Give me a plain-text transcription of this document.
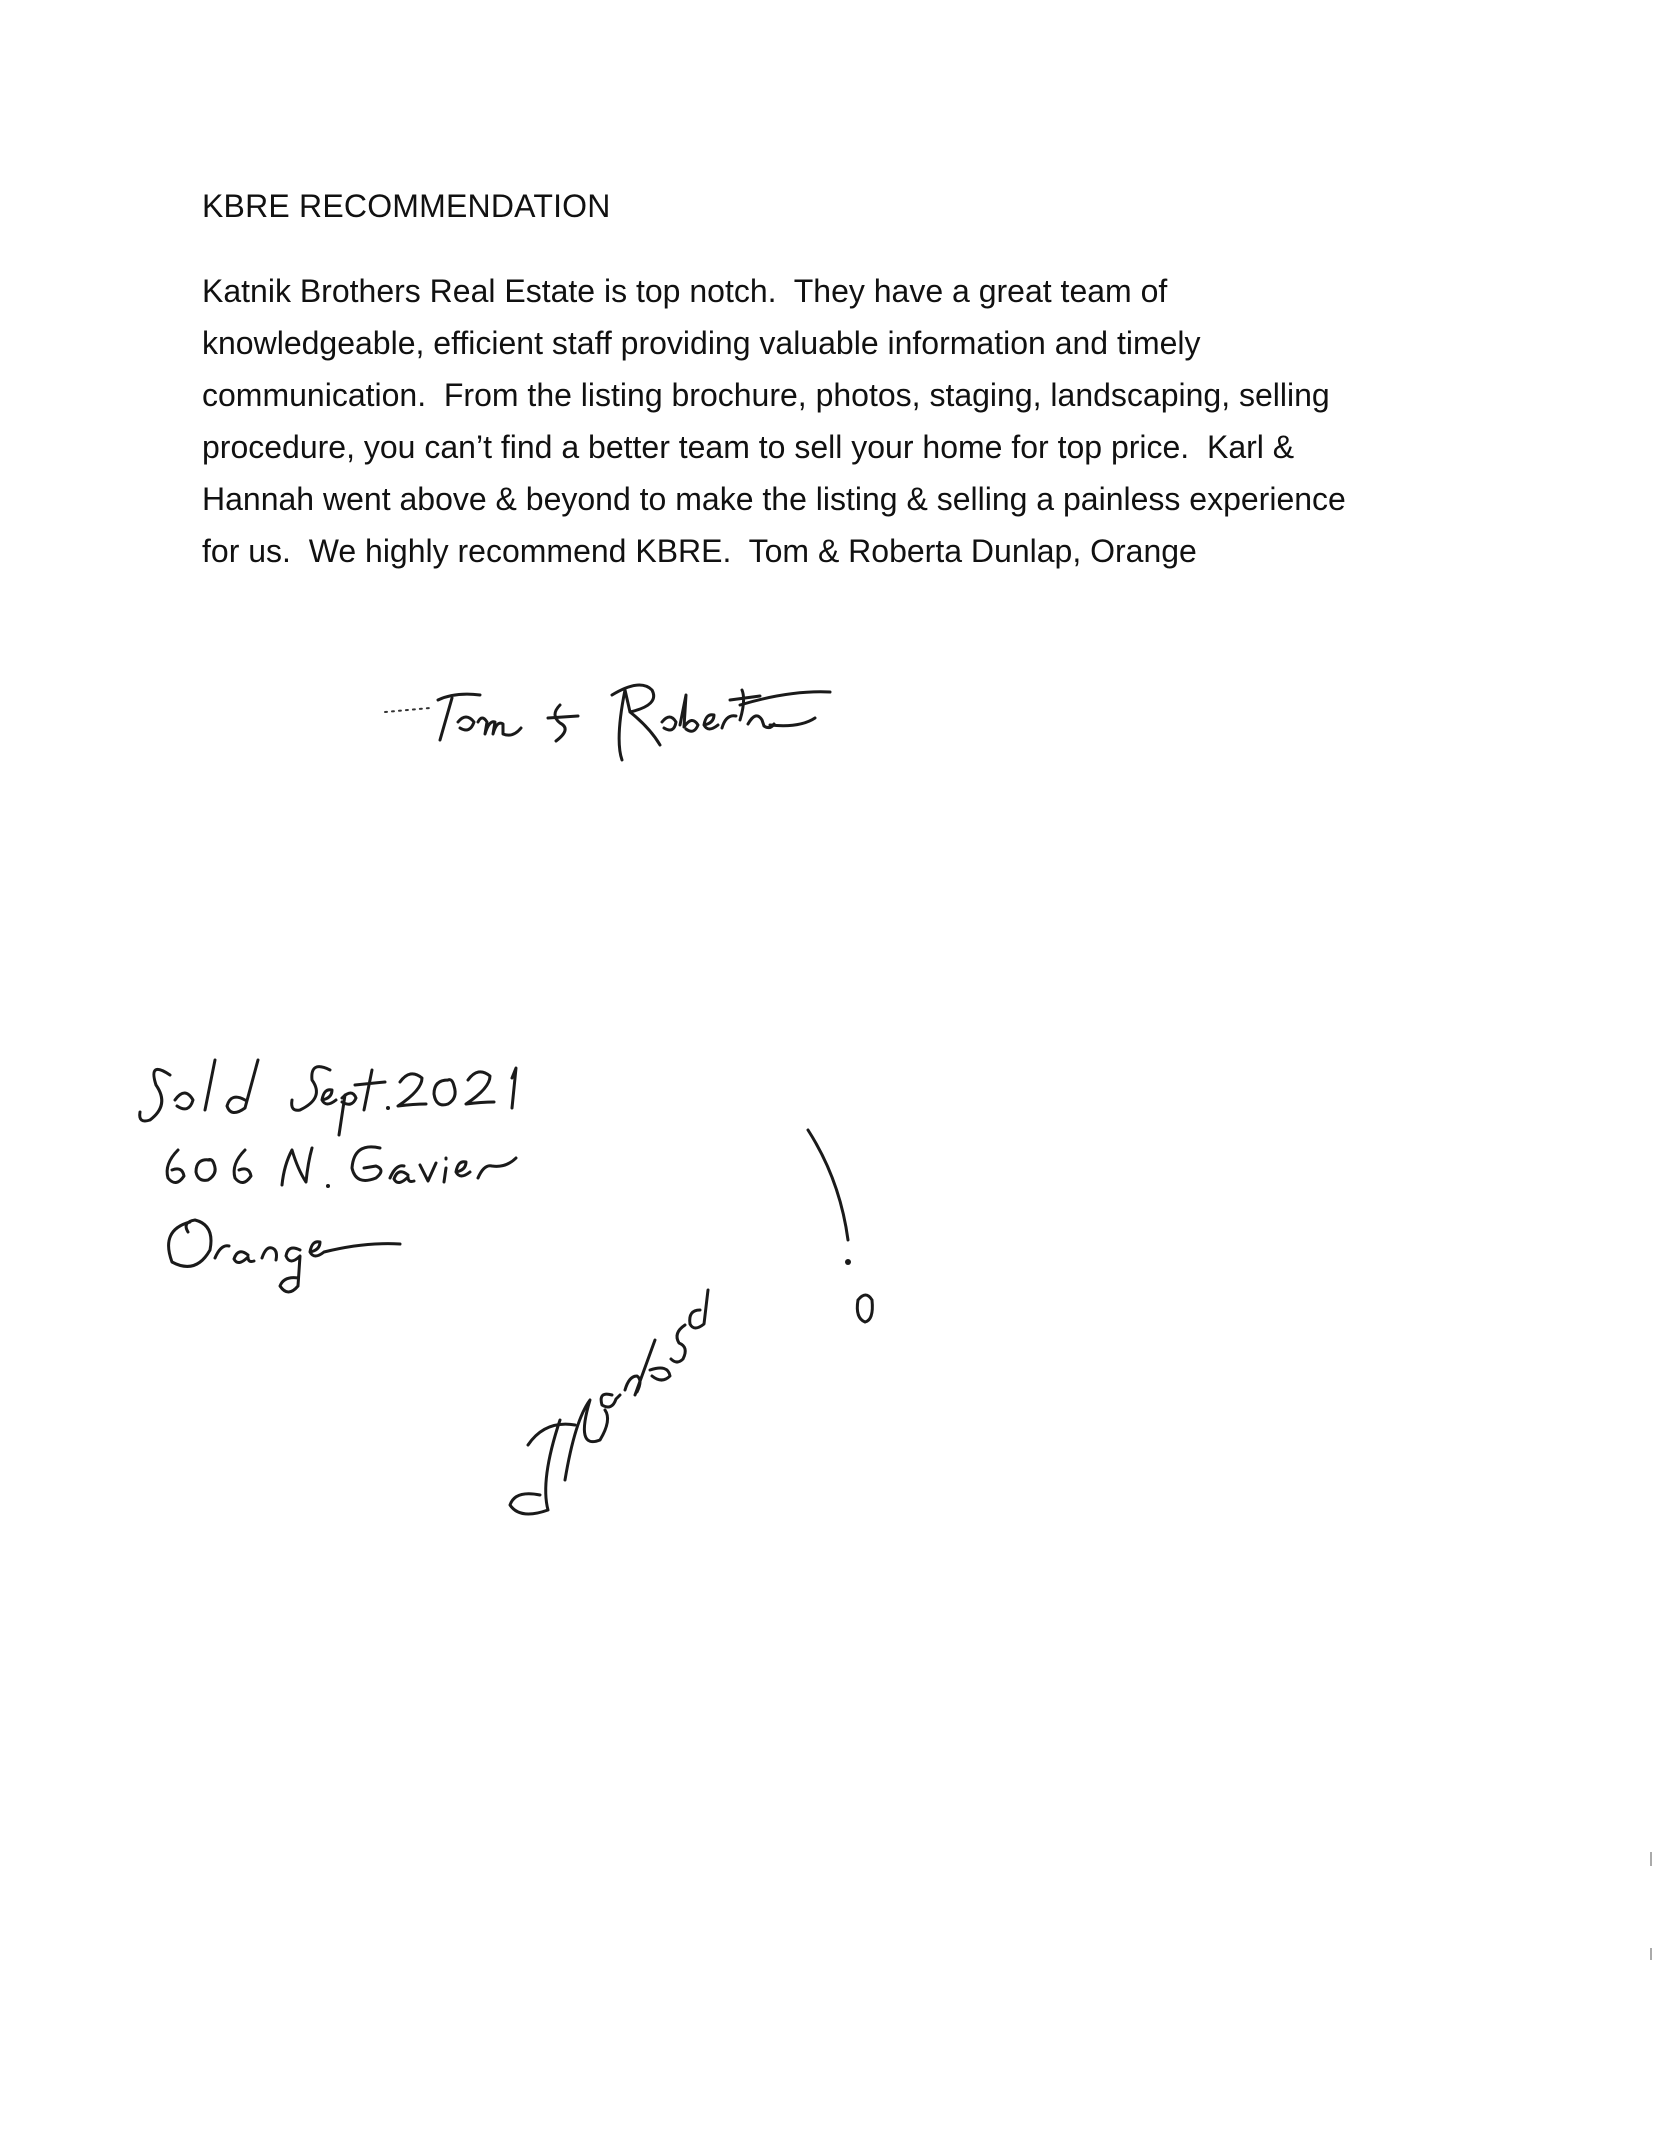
KBRE RECOMMENDATION
Katnik Brothers Real Estate is top notch.  They have a great team of
knowledgeable, efficient staff providing valuable information and timely
communication.  From the listing brochure, photos, staging, landscaping, selling
procedure, you can’t find a better team to sell your home for top price.  Karl &
Hannah went above & beyond to make the listing & selling a painless experience
for us.  We highly recommend KBRE.  Tom & Roberta Dunlap, Orange
